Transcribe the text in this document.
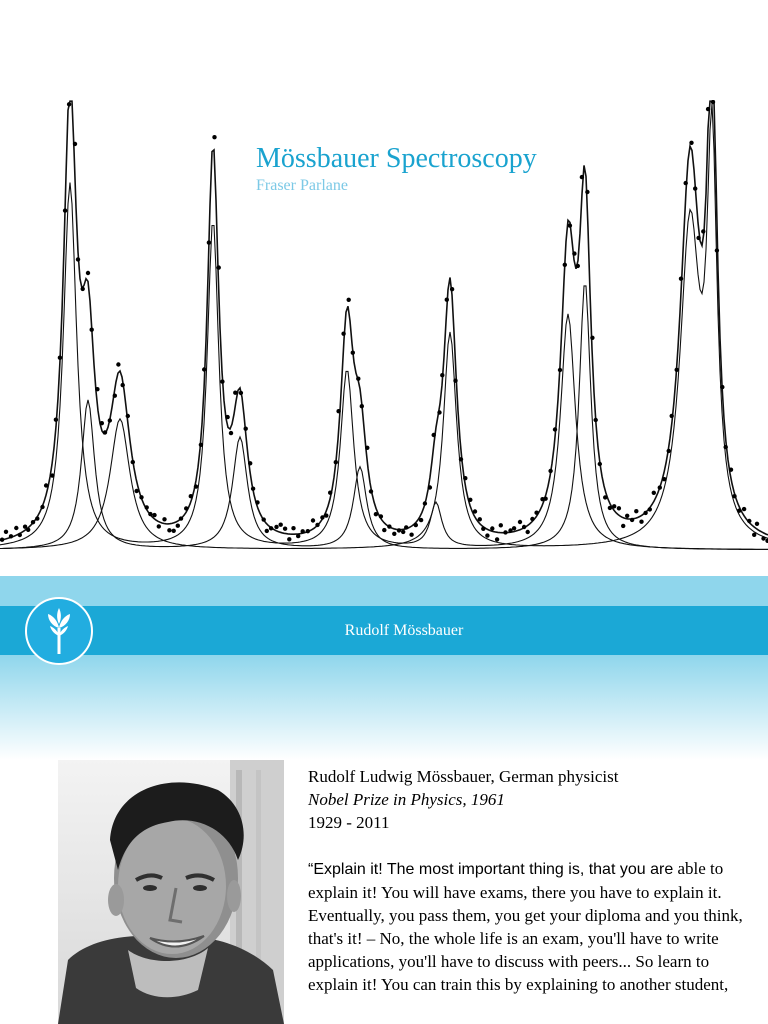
Mössbauer Spectroscopy
Fraser Parlane
Rudolf Mössbauer
Rudolf Ludwig Mössbauer, German physicist
Nobel Prize in Physics, 1961
1929 - 2011
“Explain it! The most important thing is, that you are able to explain it! You will have exams, there you have to explain it. Eventually, you pass them, you get your diploma and you think, that's it! – No, the whole life is an exam, you'll have to write applications, you'll have to discuss with peers... So learn to explain it! You can train this by explaining to another student,
